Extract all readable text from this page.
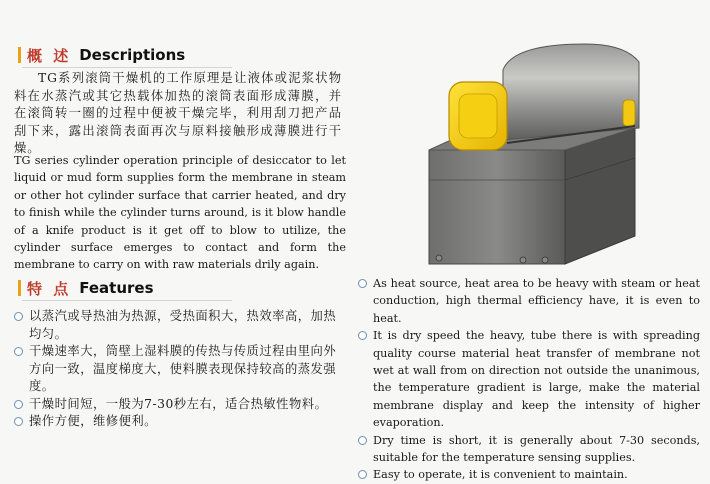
概 述 Descriptions
TG系列滚筒干燥机的工作原理是让液体或泥浆状物料在水蒸汽或其它热载体加热的滚筒表面形成薄膜，并在滚筒转一圈的过程中便被干燥完毕，利用刮刀把产品刮下来，露出滚筒表面再次与原料接触形成薄膜进行干燥。
TG series cylinder operation principle of desiccator to let liquid or mud form supplies form the membrane in steam or other hot cylinder surface that carrier heated, and dry to finish while the cylinder turns around, is it blow handle of a knife product is it get off to blow to utilize, the cylinder surface emerges to contact and form the membrane to carry on with raw materials drily again.
特 点 Features
以蒸汽或导热油为热源，受热面积大，热效率高，加热均匀。
干燥速率大，筒壁上湿料膜的传热与传质过程由里向外方向一致，温度梯度大，使料膜表现保持较高的蒸发强度。
干燥时间短，一般为7-30秒左右，适合热敏性物料。
操作方便，维修便利。
As heat source, heat area to be heavy with steam or heat conduction, high thermal efficiency have, it is even to heat.
It is dry speed the heavy, tube there is with spreading quality course material heat transfer of membrane not wet at wall from on direction not outside the unanimous, the temperature gradient is large, make the material membrane display and keep the intensity of higher evaporation.
Dry time is short, it is generally about 7-30 seconds, suitable for the temperature sensing supplies.
Easy to operate, it is convenient to maintain.
